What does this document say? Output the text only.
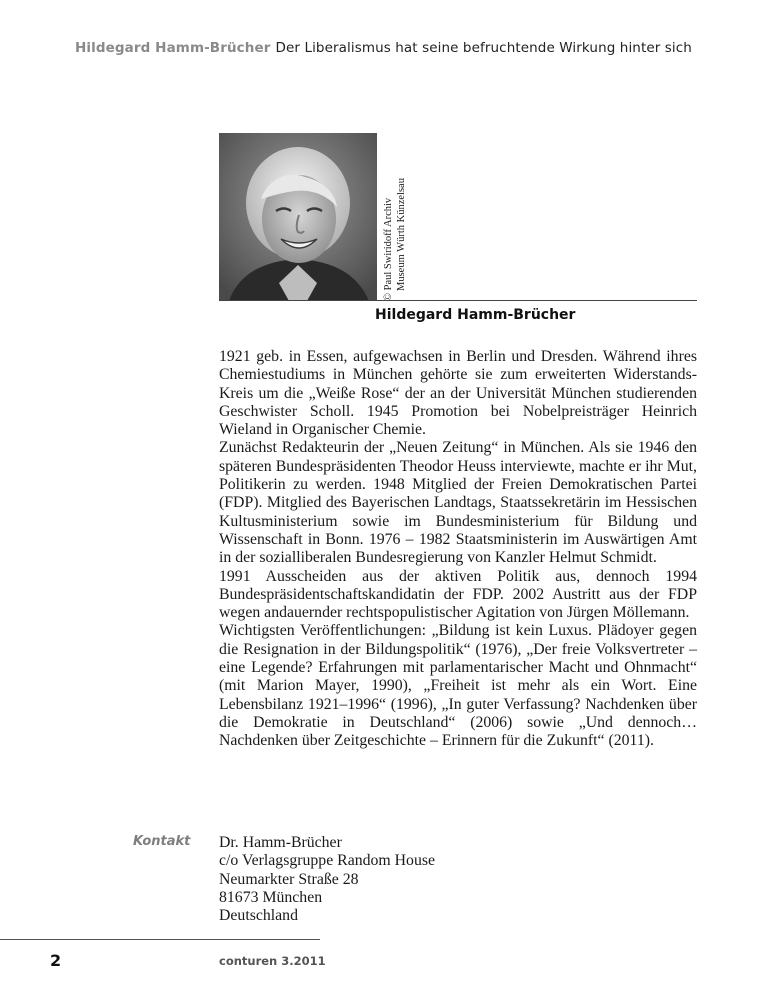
Hildegard Hamm-Brücher Der Liberalismus hat seine befruchtende Wirkung hinter sich
© Paul Swiridoff Archiv Museum Würth Künzelsau
Hildegard Hamm-Brücher

1921 geb. in Essen, aufgewachsen in Berlin und Dresden. Während ihres Chemiestudiums in München gehörte sie zum erweiterten Widerstands-Kreis um die „Weiße Rose“ der an der Universität München studierenden Geschwister Scholl. 1945 Promotion bei Nobelpreisträger Heinrich Wieland in Organischer Chemie.

Zunächst Redakteurin der „Neuen Zeitung“ in München. Als sie 1946 den späteren Bundespräsidenten Theodor Heuss interviewte, machte er ihr Mut, Politikerin zu werden. 1948 Mitglied der Freien Demokratischen Partei (FDP). Mitglied des Bayerischen Landtags, Staatssekretärin im Hessischen Kultusministerium sowie im Bundesministerium für Bildung und Wissenschaft in Bonn. 1976 – 1982 Staatsministerin im Auswärtigen Amt in der sozialliberalen Bundesregierung von Kanzler Helmut Schmidt.

1991 Ausscheiden aus der aktiven Politik aus, dennoch 1994 Bundespräsidentschaftskandidatin der FDP. 2002 Austritt aus der FDP wegen andauernder rechtspopulistischer Agitation von Jürgen Möllemann.

Wichtigsten Veröffentlichungen: „Bildung ist kein Luxus. Plädoyer gegen die Resignation in der Bildungspolitik“ (1976), „Der freie Volksvertreter – eine Legende? Erfahrungen mit parlamentarischer Macht und Ohnmacht“ (mit Marion Mayer, 1990), „Freiheit ist mehr als ein Wort. Eine Lebensbilanz 1921–1996“ (1996), „In guter Verfassung? Nachdenken über die Demokratie in Deutschland“ (2006) sowie „Und dennoch… Nachdenken über Zeitgeschichte – Erinnern für die Zukunft“ (2011).

Kontakt Dr. Hamm-Brücher
c/o Verlagsgruppe Random House
Neumarkter Straße 28
81673 München
Deutschland
2	conturen 3.2011
